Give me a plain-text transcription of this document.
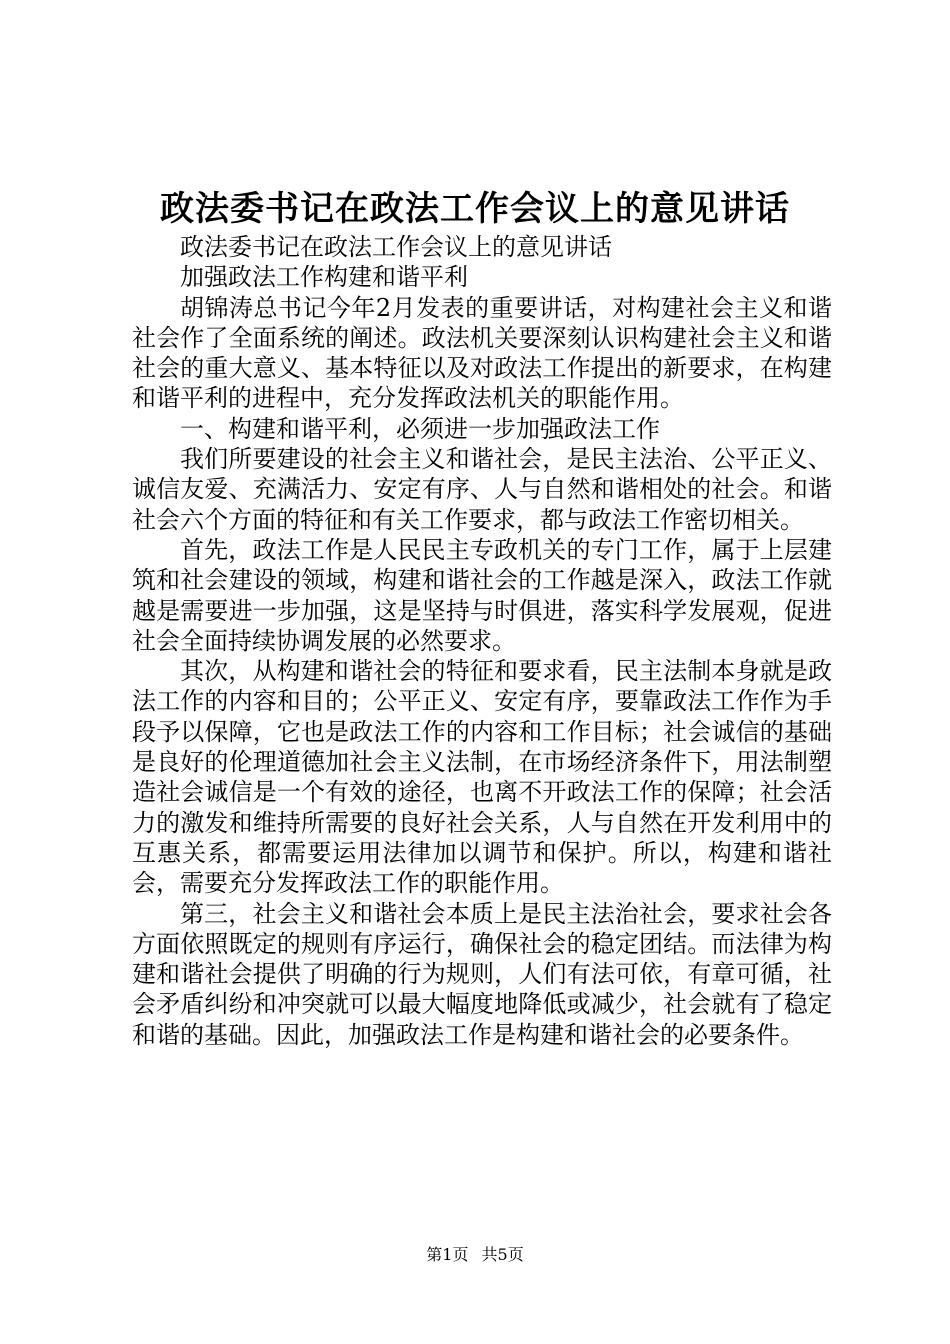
政法委书记在政法工作会议上的意见讲话

政法委书记在政法工作会议上的意见讲话

加强政法工作构建和谐平利

胡锦涛总书记今年2月发表的重要讲话，对构建社会主义和谐社会作了全面系统的阐述。政法机关要深刻认识构建社会主义和谐社会的重大意义、基本特征以及对政法工作提出的新要求，在构建和谐平利的进程中，充分发挥政法机关的职能作用。

一、构建和谐平利，必须进一步加强政法工作

我们所要建设的社会主义和谐社会，是民主法治、公平正义、诚信友爱、充满活力、安定有序、人与自然和谐相处的社会。和谐社会六个方面的特征和有关工作要求，都与政法工作密切相关。

首先，政法工作是人民民主专政机关的专门工作，属于上层建筑和社会建设的领域，构建和谐社会的工作越是深入，政法工作就越是需要进一步加强，这是坚持与时俱进，落实科学发展观，促进社会全面持续协调发展的必然要求。

其次，从构建和谐社会的特征和要求看，民主法制本身就是政法工作的内容和目的；公平正义、安定有序，要靠政法工作作为手段予以保障，它也是政法工作的内容和工作目标；社会诚信的基础是良好的伦理道德加社会主义法制，在市场经济条件下，用法制塑造社会诚信是一个有效的途径，也离不开政法工作的保障；社会活力的激发和维持所需要的良好社会关系，人与自然在开发利用中的互惠关系，都需要运用法律加以调节和保护。所以，构建和谐社会，需要充分发挥政法工作的职能作用。

第三，社会主义和谐社会本质上是民主法治社会，要求社会各方面依照既定的规则有序运行，确保社会的稳定团结。而法律为构建和谐社会提供了明确的行为规则，人们有法可依，有章可循，社会矛盾纠纷和冲突就可以最大幅度地降低或减少，社会就有了稳定和谐的基础。因此，加强政法工作是构建和谐社会的必要条件。

第1页 共5页
